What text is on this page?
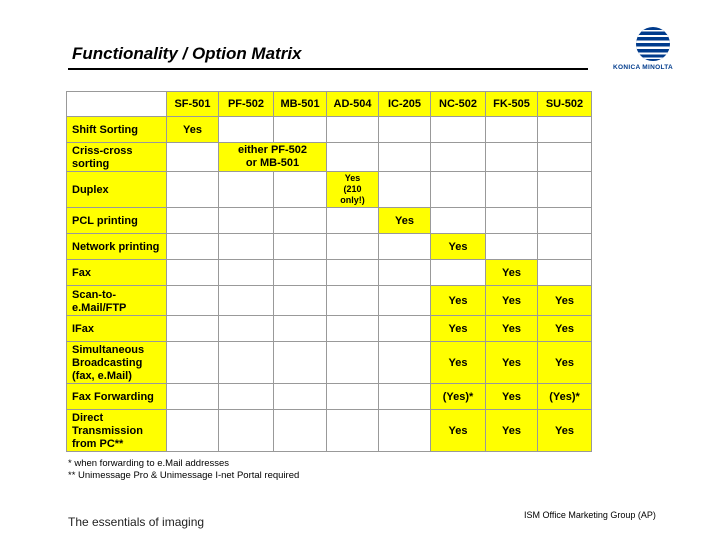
Functionality / Option Matrix
KONICA MINOLTA
	SF-501	PF-502	MB-501	AD-504	IC-205	NC-502	FK-505	SU-502
Shift Sorting	Yes							
Criss-cross
sorting		either PF-502
or MB-501						
Duplex				Yes
(210
only!)				
PCL printing					Yes			
Network printing						Yes		
Fax							Yes	
Scan-to-
e.Mail/FTP						Yes	Yes	Yes
IFax						Yes	Yes	Yes
Simultaneous
Broadcasting
(fax, e.Mail)						Yes	Yes	Yes
Fax Forwarding						(Yes)*	Yes	(Yes)*
Direct
Transmission
from PC**						Yes	Yes	Yes
* when forwarding to e.Mail addresses
** Unimessage Pro & Unimessage I-net Portal required
The essentials of imaging	ISM Office Marketing Group (AP)
